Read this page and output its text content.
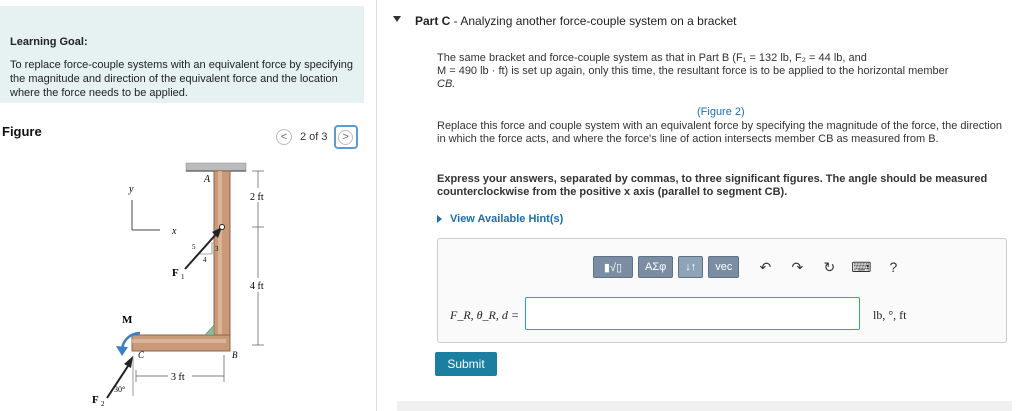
Learning Goal:
To replace force-couple systems with an equivalent force by specifying the magnitude and direction of the equivalent force and the location where the force needs to be applied.
Figure	< 2 of 3 >
y
x
A
B
C
2 ft
4 ft
3 ft
F 1
5
4
3
M
30°
F 2
Part C - Analyzing another force-couple system on a bracket
The same bracket and force-couple system as that in Part B (F₁ = 132 lb, F₂ = 44 lb, and
M = 490 lb · ft) is set up again, only this time, the resultant force is to be applied to the horizontal member
CB.
(Figure 2)
Replace this force and couple system with an equivalent force by specifying the magnitude of the force, the direction in which the force acts, and where the force's line of action intersects member CB as measured from B.
Express your answers, separated by commas, to three significant figures. The angle should be measured counterclockwise from the positive x axis (parallel to segment CB).
View Available Hint(s)
▮√▯	ΑΣφ	↓↑	vec	↶	↷	↻	⌨	?
F_R, θ_R, d =	lb, °, ft
Submit
